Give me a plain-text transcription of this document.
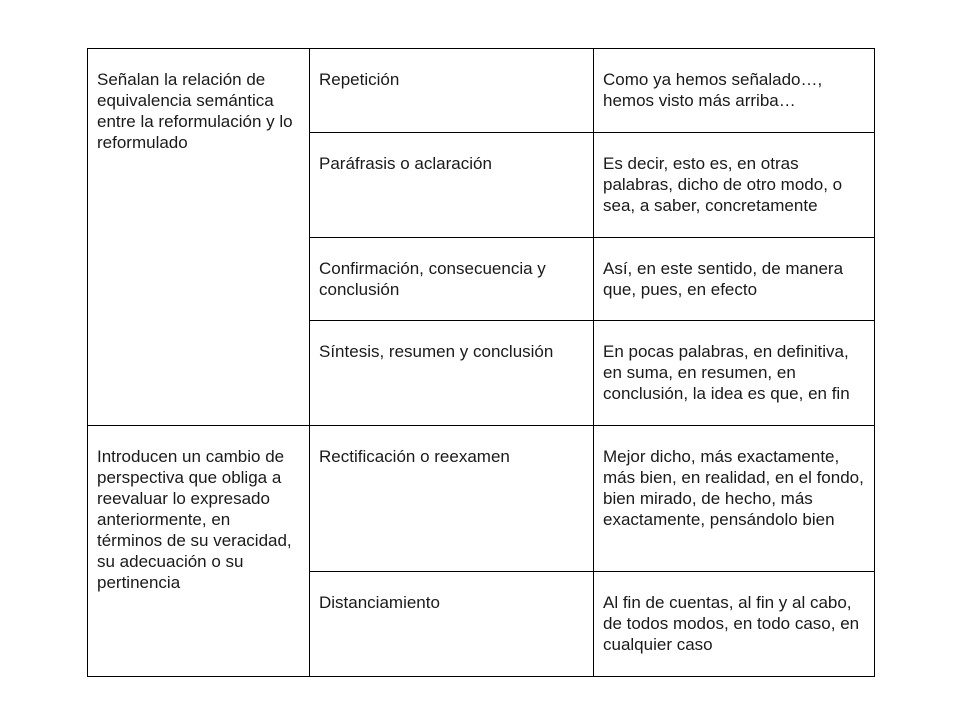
Señalan la relación de equivalencia semántica entre la reformulación y lo reformulado	Repetición	Como ya hemos señalado…, hemos visto más arriba…
	Paráfrasis o aclaración	Es decir, esto es, en otras palabras, dicho de otro modo, o sea, a saber, concretamente
	Confirmación, consecuencia y conclusión	Así, en este sentido, de manera que, pues, en efecto
	Síntesis, resumen y conclusión	En pocas palabras, en definitiva, en suma, en resumen, en conclusión, la idea es que, en fin
Introducen un cambio de perspectiva que obliga a reevaluar lo expresado anteriormente, en términos de su veracidad, su adecuación o su pertinencia	Rectificación o reexamen	Mejor dicho, más exactamente, más bien, en realidad, en el fondo, bien mirado, de hecho, más exactamente, pensándolo bien
	Distanciamiento	Al fin de cuentas, al fin y al cabo, de todos modos, en todo caso, en cualquier caso
